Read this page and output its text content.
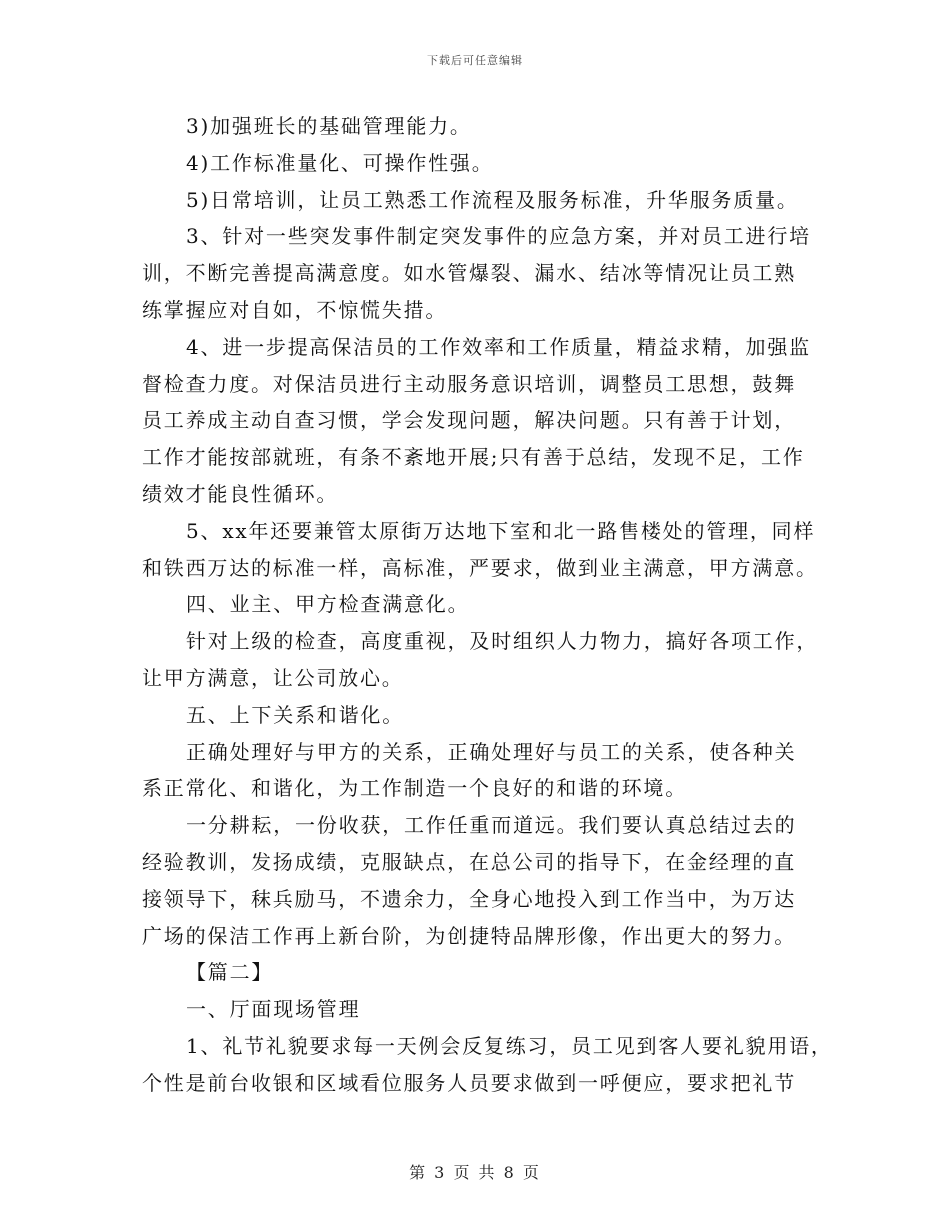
下载后可任意编辑
3)加强班长的基础管理能力。
4)工作标准量化、可操作性强。
5)日常培训，让员工熟悉工作流程及服务标准，升华服务质量。
3、针对一些突发事件制定突发事件的应急方案，并对员工进行培
训，不断完善提高满意度。如水管爆裂、漏水、结冰等情况让员工熟
练掌握应对自如，不惊慌失措。
4、进一步提高保洁员的工作效率和工作质量，精益求精，加强监
督检查力度。对保洁员进行主动服务意识培训，调整员工思想，鼓舞
员工养成主动自查习惯，学会发现问题，解决问题。只有善于计划，
工作才能按部就班，有条不紊地开展;只有善于总结，发现不足，工作
绩效才能良性循环。
5、xx年还要兼管太原街万达地下室和北一路售楼处的管理，同样
和铁西万达的标准一样，高标准，严要求，做到业主满意，甲方满意。
四、业主、甲方检查满意化。
针对上级的检查，高度重视，及时组织人力物力，搞好各项工作，
让甲方满意，让公司放心。
五、上下关系和谐化。
正确处理好与甲方的关系，正确处理好与员工的关系，使各种关
系正常化、和谐化，为工作制造一个良好的和谐的环境。
一分耕耘，一份收获，工作任重而道远。我们要认真总结过去的
经验教训，发扬成绩，克服缺点，在总公司的指导下，在金经理的直
接领导下，秣兵励马，不遗余力，全身心地投入到工作当中，为万达
广场的保洁工作再上新台阶，为创捷特品牌形像，作出更大的努力。
【篇二】
一、厅面现场管理
1、礼节礼貌要求每一天例会反复练习，员工见到客人要礼貌用语，
个性是前台收银和区域看位服务人员要求做到一呼便应，要求把礼节
第 3 页 共 8 页
